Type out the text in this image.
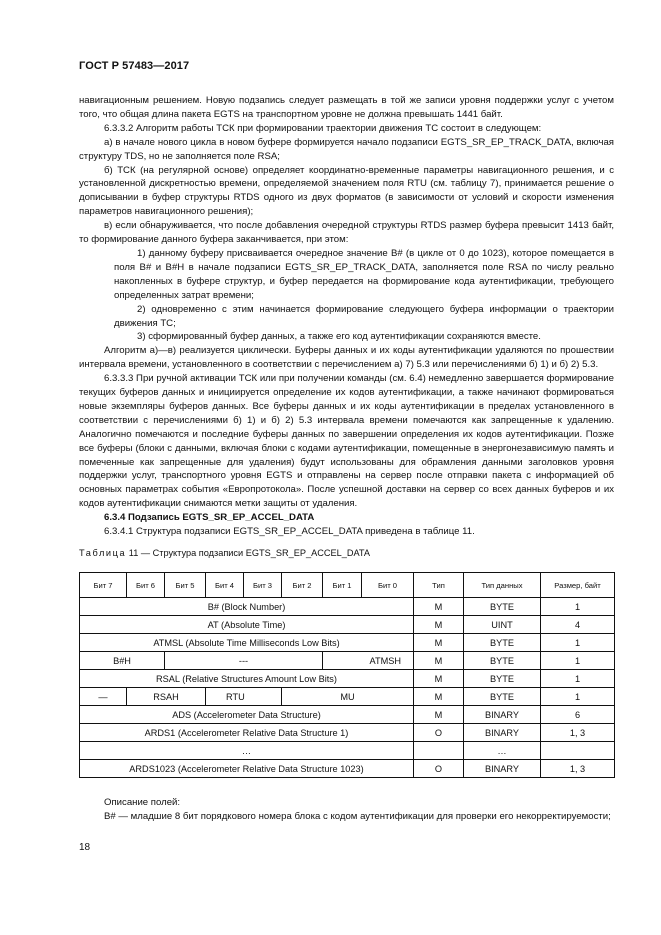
ГОСТ Р 57483—2017

навигационным решением. Новую подзапись следует размещать в той же записи уровня поддержки услуг с учетом того, что общая длина пакета EGTS на транспортном уровне не должна превышать 1441 байт.

6.3.3.2 Алгоритм работы ТСК при формировании траектории движения ТС состоит в следующем:

а) в начале нового цикла в новом буфере формируется начало подзаписи EGTS_SR_EP_TRACK_DATA, включая структуру TDS, но не заполняется поле RSA;

б) ТСК (на регулярной основе) определяет координатно-временные параметры навигационного решения, и с установленной дискретностью времени, определяемой значением поля RTU (см. таблицу 7), принимается решение о дописывании в буфер структуры RTDS одного из двух форматов (в зависимости от условий и скорости изменения параметров навигационного решения);

в) если обнаруживается, что после добавления очередной структуры RTDS размер буфера превысит 1413 байт, то формирование данного буфера заканчивается, при этом:

1) данному буферу присваивается очередное значение B# (в цикле от 0 до 1023), которое помещается в поля B# и B#H в начале подзаписи EGTS_SR_EP_TRACK_DATA, заполняется поле RSA по числу реально накопленных в буфере структур, и буфер передается на формирование кода аутентификации, требующего определенных затрат времени;

2) одновременно с этим начинается формирование следующего буфера информации о траектории движения ТС;

3) сформированный буфер данных, а также его код аутентификации сохраняются вместе.

Алгоритм а)—в) реализуется циклически. Буферы данных и их коды аутентификации удаляются по прошествии интервала времени, установленного в соответствии с перечислением а) 7) 5.3 или перечислениями б) 1) и б) 2) 5.3.

6.3.3.3 При ручной активации ТСК или при получении команды (см. 6.4) немедленно завершается формирование текущих буферов данных и инициируется определение их кодов аутентификации, а также начинают формироваться новые экземпляры буферов данных. Все буферы данных и их коды аутентификации в пределах установленного в соответствии с перечислениями б) 1) и б) 2) 5.3 интервала времени помечаются как запрещенные к удалению. Аналогично помечаются и последние буферы данных по завершении определения их кодов аутентификации. Позже все буферы (блоки с данными, включая блоки с кодами аутентификации, помещенные в энергонезависимую память и помеченные как запрещенные для удаления) будут использованы для обрамления данными заголовков уровня поддержки услуг, транспортного уровня EGTS и отправлены на сервер после отправки пакета с информацией об основных параметрах события «Европротокола». После успешной доставки на сервер со всех данных буферов и их кодов аутентификации снимаются метки защиты от удаления.

6.3.4 Подзапись EGTS_SR_EP_ACCEL_DATA

6.3.4.1 Структура подзаписи EGTS_SR_EP_ACCEL_DATA приведена в таблице 11.

Таблица 11 — Структура подзаписи EGTS_SR_EP_ACCEL_DATA
Бит 7	Бит 6	Бит 5	Бит 4	Бит 3	Бит 2	Бит 1	Бит 0	Тип	Тип данных	Размер, байт
B# (Block Number)								M	BYTE	1
AT (Absolute Time)								M	UINT	4
ATMSL (Absolute Time Milliseconds Low Bits)								M	BYTE	1
B#H		---				ATMSH		M	BYTE	1
RSAL (Relative Structures Amount Low Bits)								M	BYTE	1
—	RSAH		RTU		MU			M	BYTE	1
ADS (Accelerometer Data Structure)								M	BINARY	6
ARDS1 (Accelerometer Relative Data Structure 1)								O	BINARY	1, 3
…									…	
ARDS1023 (Accelerometer Relative Data Structure 1023)								O	BINARY	1, 3

Описание полей:

B# — младшие 8 бит порядкового номера блока с кодом аутентификации для проверки его некорректируемости;

18
